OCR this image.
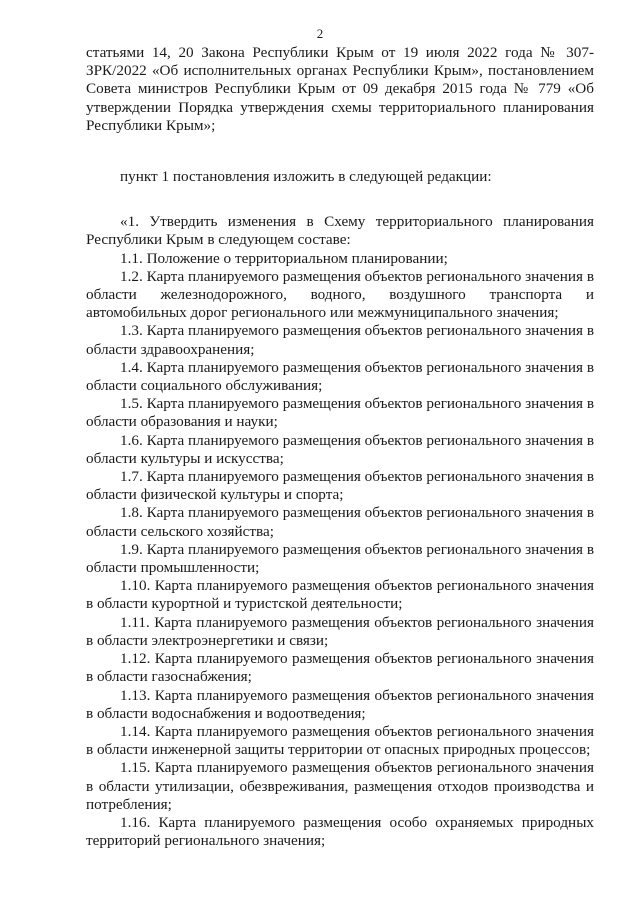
2

статьями 14, 20 Закона Республики Крым от 19 июля 2022 года № 307-ЗРК/2022 «Об исполнительных органах Республики Крым», постановлением Совета министров Республики Крым от 09 декабря 2015 года № 779 «Об утверждении Порядка утверждения схемы территориального планирования Республики Крым»;

пункт 1 постановления изложить в следующей редакции:

«1. Утвердить изменения в Схему территориального планирования Республики Крым в следующем составе:

1.1. Положение о территориальном планировании;

1.2. Карта планируемого размещения объектов регионального значения в области железнодорожного, водного, воздушного транспорта и автомобильных дорог регионального или межмуниципального значения;

1.3. Карта планируемого размещения объектов регионального значения в области здравоохранения;

1.4. Карта планируемого размещения объектов регионального значения в области социального обслуживания;

1.5. Карта планируемого размещения объектов регионального значения в области образования и науки;

1.6. Карта планируемого размещения объектов регионального значения в области культуры и искусства;

1.7. Карта планируемого размещения объектов регионального значения в области физической культуры и спорта;

1.8. Карта планируемого размещения объектов регионального значения в области сельского хозяйства;

1.9. Карта планируемого размещения объектов регионального значения в области промышленности;

1.10. Карта планируемого размещения объектов регионального значения в области курортной и туристской деятельности;

1.11. Карта планируемого размещения объектов регионального значения в области электроэнергетики и связи;

1.12. Карта планируемого размещения объектов регионального значения в области газоснабжения;

1.13. Карта планируемого размещения объектов регионального значения в области водоснабжения и водоотведения;

1.14. Карта планируемого размещения объектов регионального значения в области инженерной защиты территории от опасных природных процессов;

1.15. Карта планируемого размещения объектов регионального значения в области утилизации, обезвреживания, размещения отходов производства и потребления;

1.16. Карта планируемого размещения особо охраняемых природных территорий регионального значения;
